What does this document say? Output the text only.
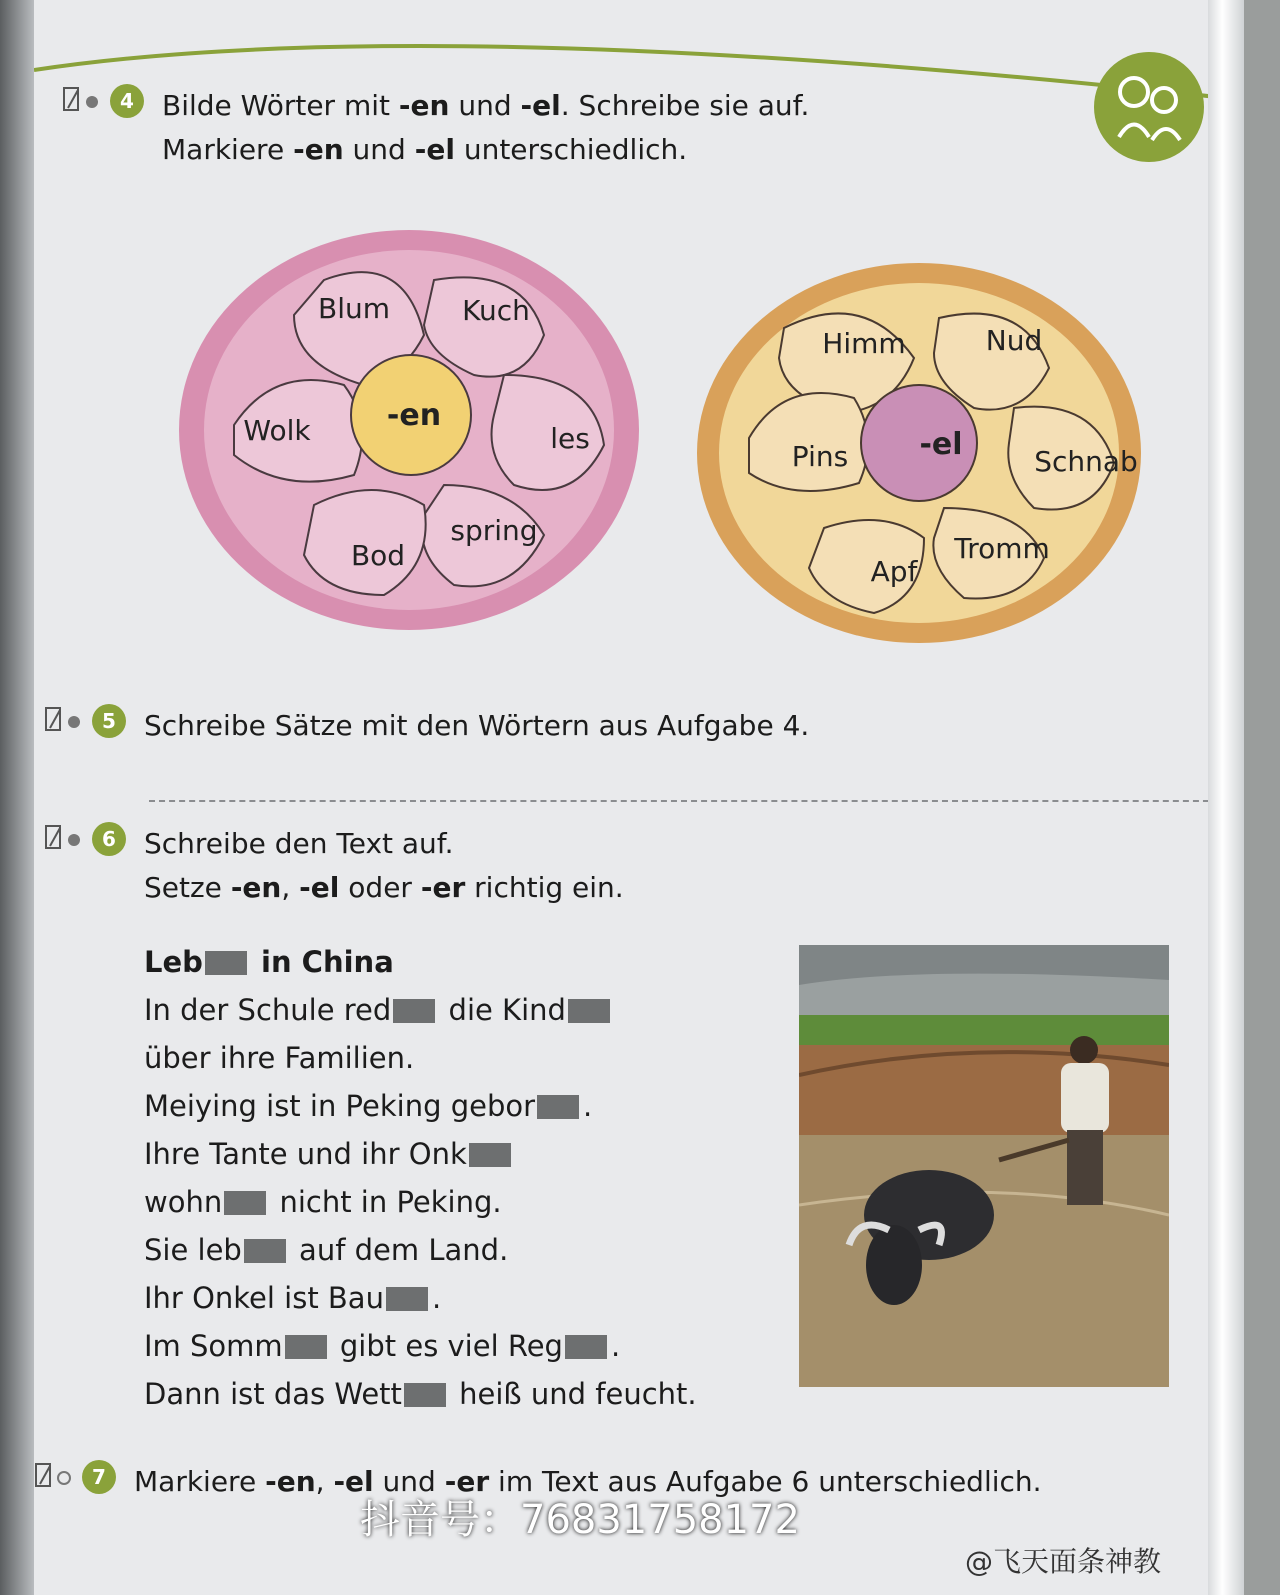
4	Bilde Wörter mit -en und -el. Schreibe sie auf.
Markiere -en und -el unterschiedlich.
Blum	Kuch
les
spring
Bod
Wolk	-en
Himm	Nud
Schnab
Tromm
Apf
Pins -el
5	Schreibe Sätze mit den Wörtern aus Aufgabe 4.
6	Schreibe den Text auf.
Setze -en, -el oder -er richtig ein.
Leb in China
In der Schule red die Kind
über ihre Familien.
Meiying ist in Peking gebor .
Ihre Tante und ihr Onk
wohn nicht in Peking.
Sie leb auf dem Land.
Ihr Onkel ist Bau .
Im Somm gibt es viel Reg .
Dann ist das Wett heiß und feucht.
7	Markiere -en, -el und -er im Text aus Aufgabe 6 unterschiedlich.
抖音号：76831758172
@飞天面条神教
